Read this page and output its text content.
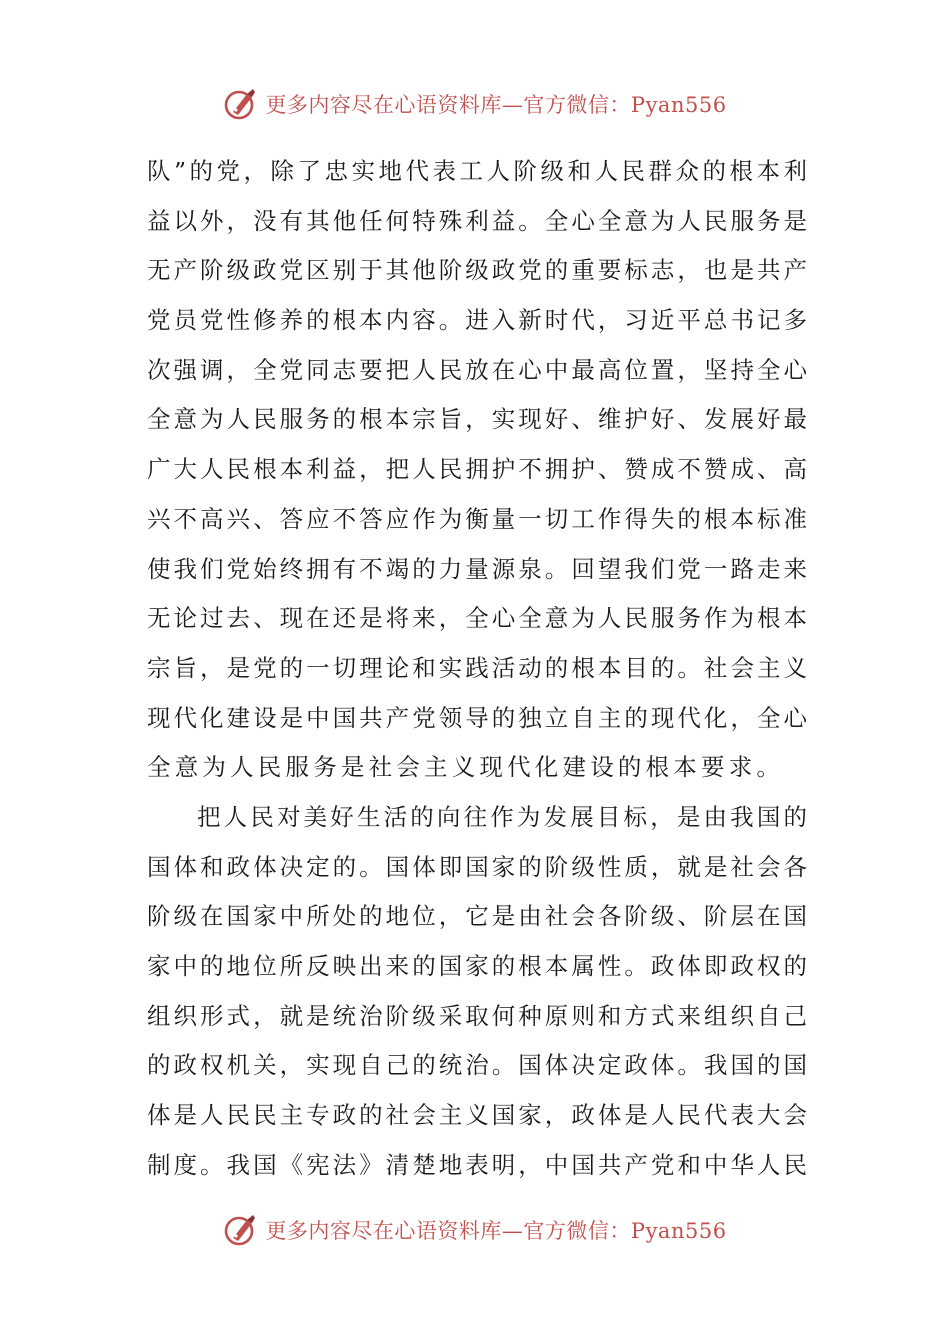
更多内容尽在心语资料库—官方微信：Pyan556
队”的党，除了忠实地代表工人阶级和人民群众的根本利
益以外，没有其他任何特殊利益。全心全意为人民服务是
无产阶级政党区别于其他阶级政党的重要标志，也是共产
党员党性修养的根本内容。进入新时代，习近平总书记多
次强调，全党同志要把人民放在心中最高位置，坚持全心
全意为人民服务的根本宗旨，实现好、维护好、发展好最
广大人民根本利益，把人民拥护不拥护、赞成不赞成、高
兴不高兴、答应不答应作为衡量一切工作得失的根本标准
使我们党始终拥有不竭的力量源泉。回望我们党一路走来
无论过去、现在还是将来，全心全意为人民服务作为根本
宗旨，是党的一切理论和实践活动的根本目的。社会主义
现代化建设是中国共产党领导的独立自主的现代化，全心
全意为人民服务是社会主义现代化建设的根本要求。
把人民对美好生活的向往作为发展目标，是由我国的
国体和政体决定的。国体即国家的阶级性质，就是社会各
阶级在国家中所处的地位，它是由社会各阶级、阶层在国
家中的地位所反映出来的国家的根本属性。政体即政权的
组织形式，就是统治阶级采取何种原则和方式来组织自己
的政权机关，实现自己的统治。国体决定政体。我国的国
体是人民民主专政的社会主义国家，政体是人民代表大会
制度。我国《宪法》清楚地表明，中国共产党和中华人民
更多内容尽在心语资料库—官方微信：Pyan556
